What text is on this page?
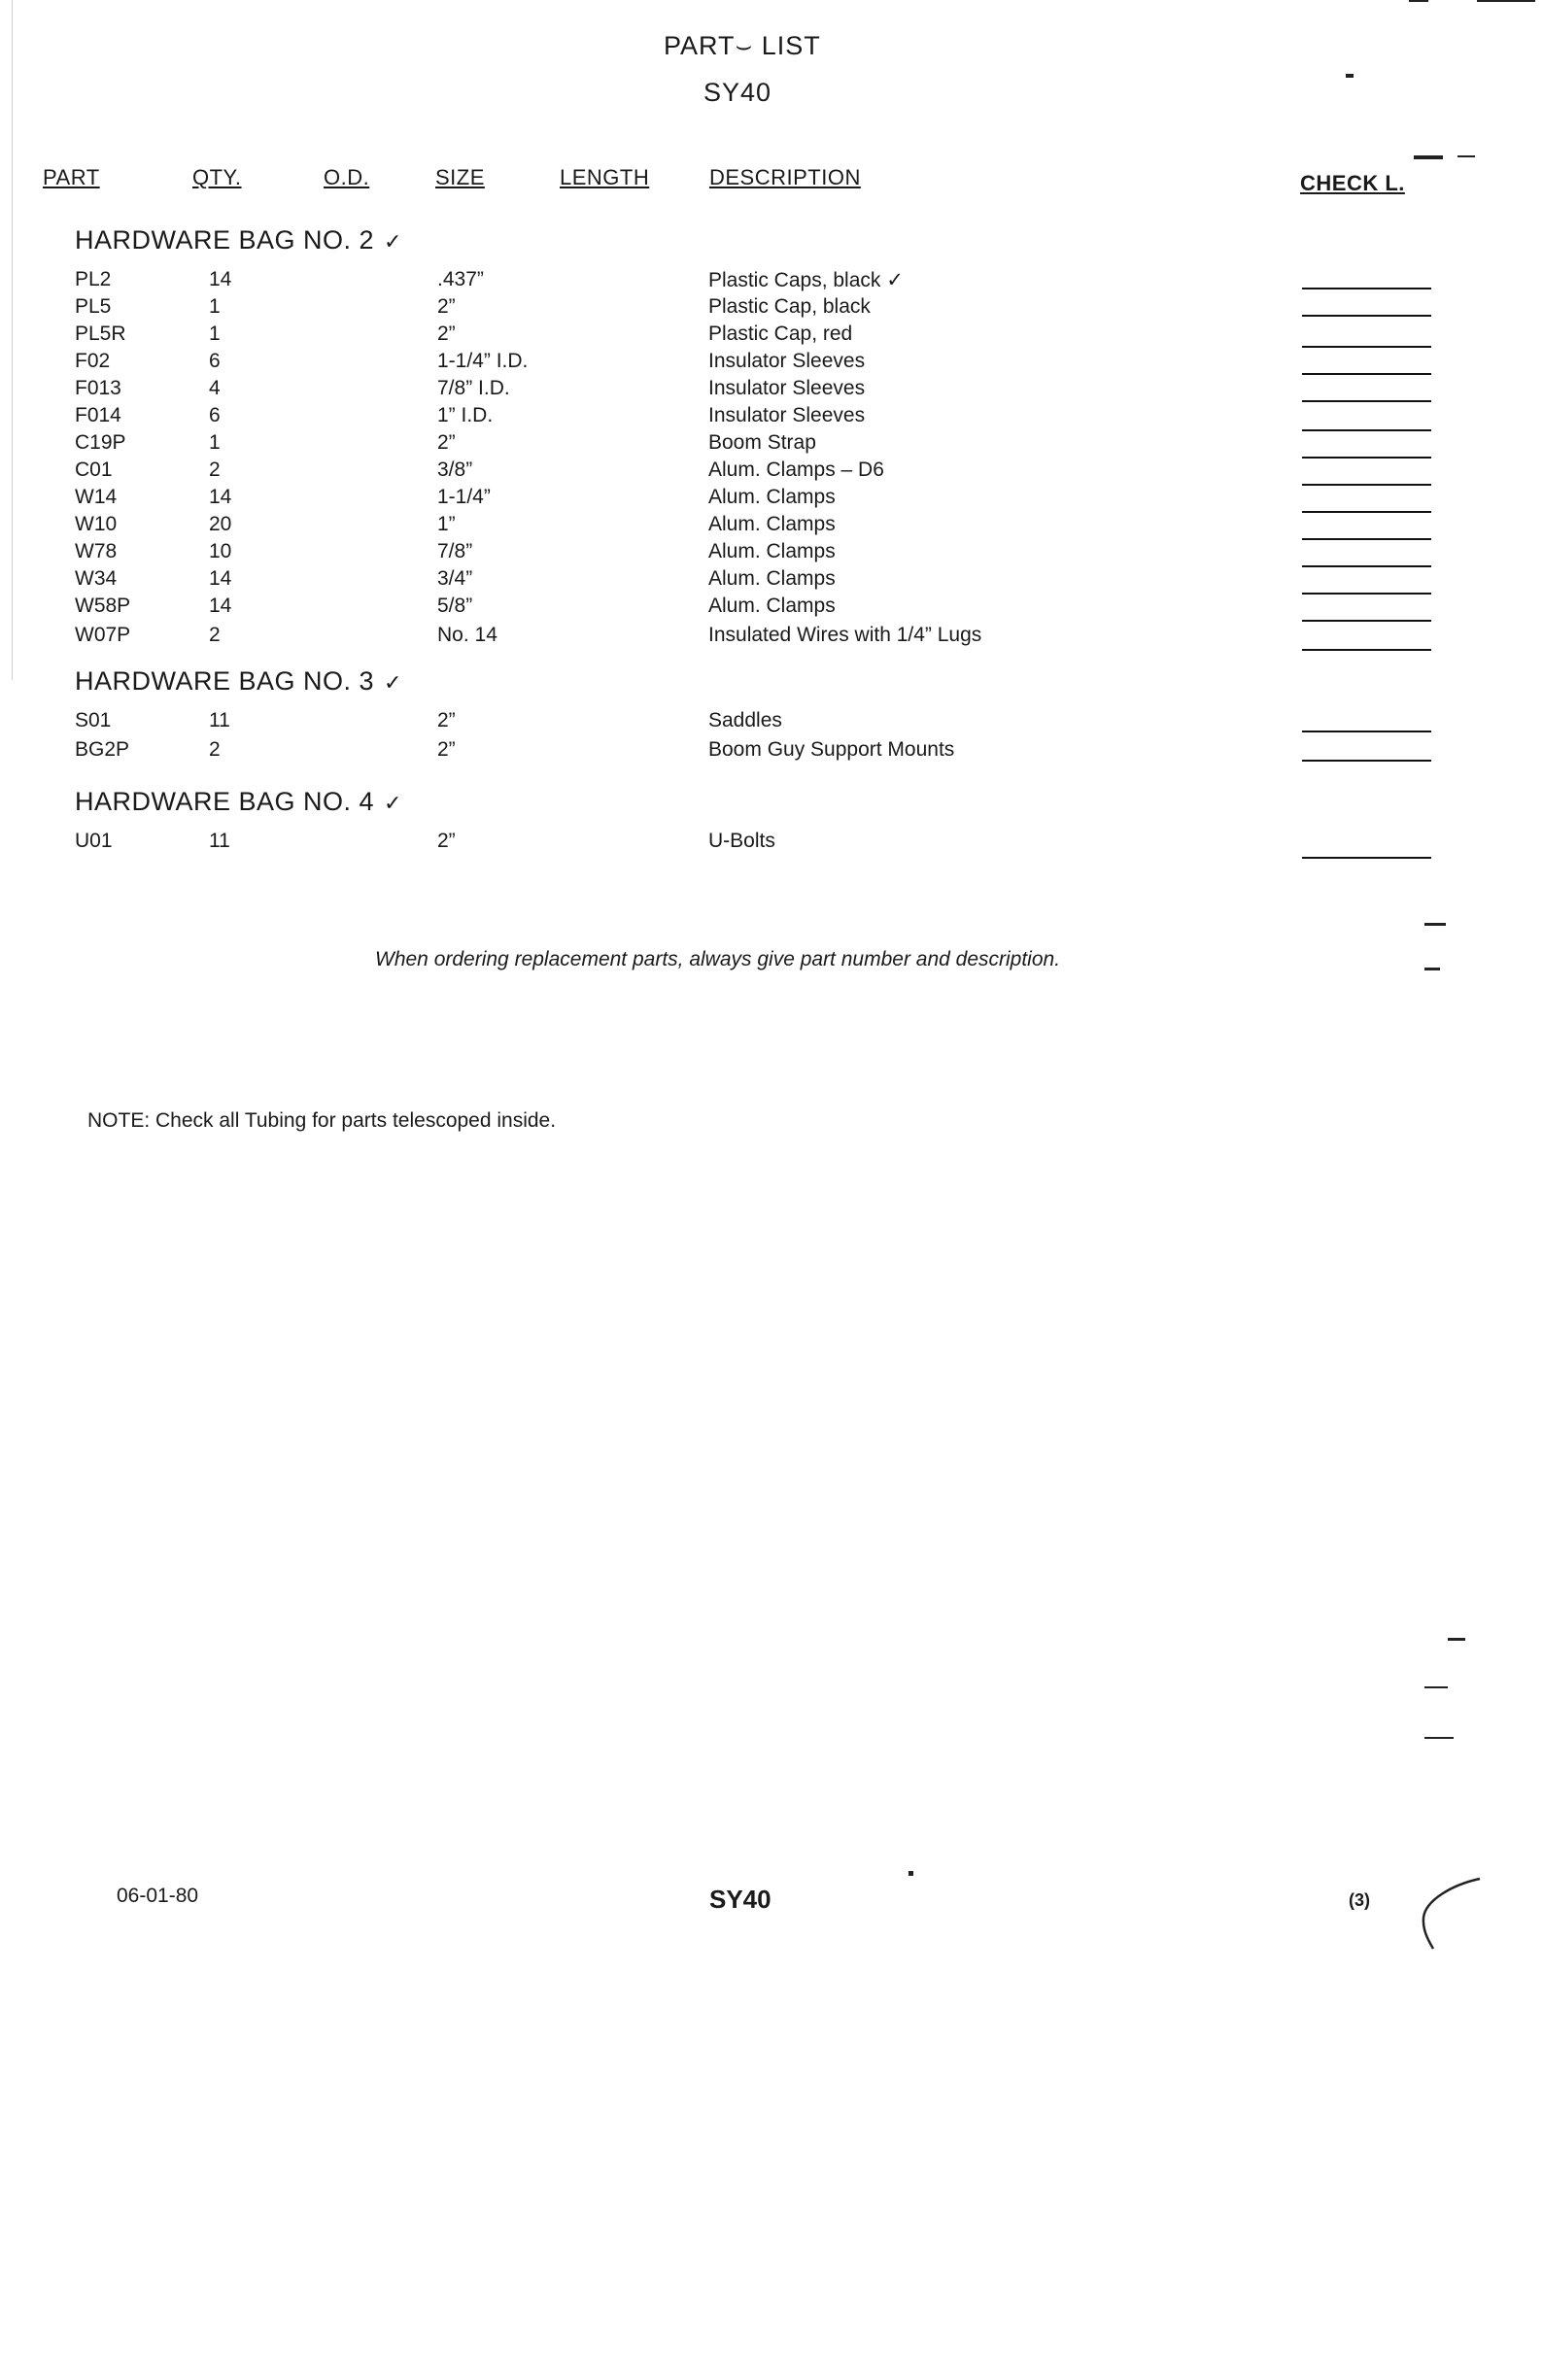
PART⌣ LIST
SY40
PART	QTY.	O.D.	SIZE	LENGTH	DESCRIPTION	CHECK L.
HARDWARE BAG NO. 2 ✓
PL2	14	.437”	Plastic Caps, black ✓
PL5	1	2”	Plastic Cap, black
PL5R	1	2”	Plastic Cap, red
F02	6	1-1/4” I.D.	Insulator Sleeves
F013	4	7/8” I.D.	Insulator Sleeves
F014	6	1” I.D.	Insulator Sleeves
C19P	1	2”	Boom Strap
C01	2	3/8”	Alum. Clamps – D6
W14	14	1-1/4”	Alum. Clamps
W10	20	1”	Alum. Clamps
W78	10	7/8”	Alum. Clamps
W34	14	3/4”	Alum. Clamps
W58P	14	5/8”	Alum. Clamps
W07P	2	No. 14	Insulated Wires with 1/4” Lugs
HARDWARE BAG NO. 3 ✓
S01	11	2”	Saddles
BG2P	2	2”	Boom Guy Support Mounts
HARDWARE BAG NO. 4 ✓
U01	11	2”	U-Bolts
When ordering replacement parts, always give part number and description.
NOTE: Check all Tubing for parts telescoped inside.
06-01-80	SY40	(3)
